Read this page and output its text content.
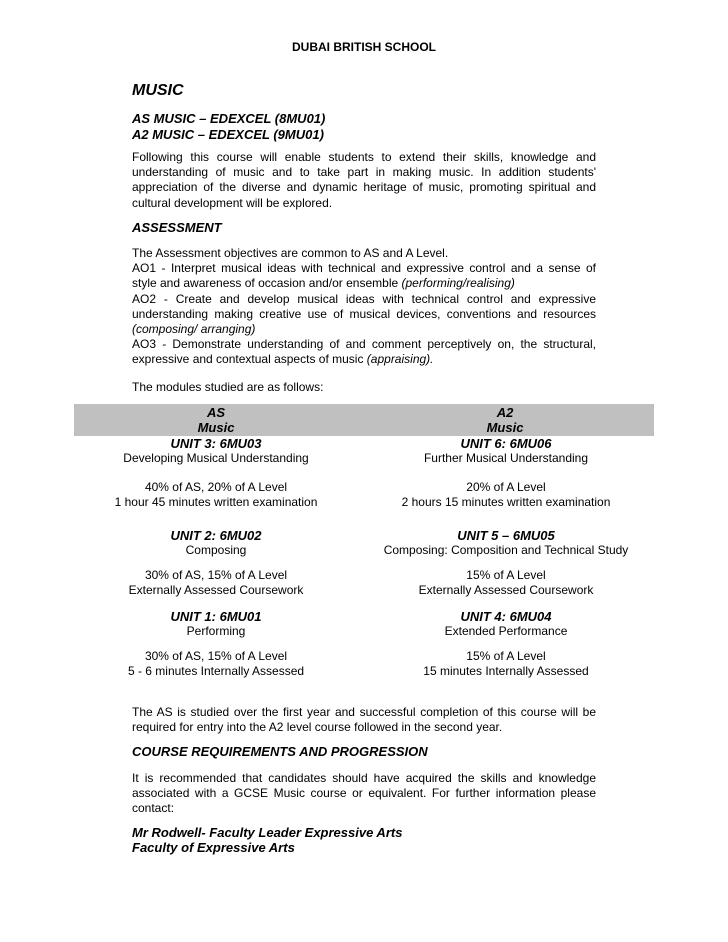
DUBAI BRITISH SCHOOL
MUSIC
AS MUSIC – EDEXCEL (8MU01)
A2 MUSIC – EDEXCEL (9MU01)
Following this course will enable students to extend their skills, knowledge and understanding of music and to take part in making music. In addition students' appreciation of the diverse and dynamic heritage of music, promoting spiritual and cultural development will be explored.
ASSESSMENT

The Assessment objectives are common to AS and A Level.

AO1 - Interpret musical ideas with technical and expressive control and a sense of style and awareness of occasion and/or ensemble (performing/realising)

AO2 - Create and develop musical ideas with technical control and expressive understanding making creative use of musical devices, conventions and resources (composing/ arranging)

AO3 - Demonstrate understanding of and comment perceptively on, the structural, expressive and contextual aspects of music (appraising).

The modules studied are as follows:
AS
Music
A2
Music
UNIT 3: 6MU03
Developing Musical Understanding
40% of AS, 20% of A Level
1 hour 45 minutes written examination
UNIT 2: 6MU02
Composing
30% of AS, 15% of A Level
Externally Assessed Coursework
UNIT 1: 6MU01
Performing
30% of AS, 15% of A Level
5 - 6 minutes Internally Assessed
UNIT 6: 6MU06
Further Musical Understanding
20% of A Level
2 hours 15 minutes written examination
UNIT 5 – 6MU05
Composing: Composition and Technical Study
15% of A Level
Externally Assessed Coursework
UNIT 4: 6MU04
Extended Performance
15% of A Level
15 minutes Internally Assessed
The AS is studied over the first year and successful completion of this course will be required for entry into the A2 level course followed in the second year.
COURSE REQUIREMENTS AND PROGRESSION
It is recommended that candidates should have acquired the skills and knowledge associated with a GCSE Music course or equivalent. For further information please contact:
Mr Rodwell- Faculty Leader Expressive Arts
Faculty of Expressive Arts
